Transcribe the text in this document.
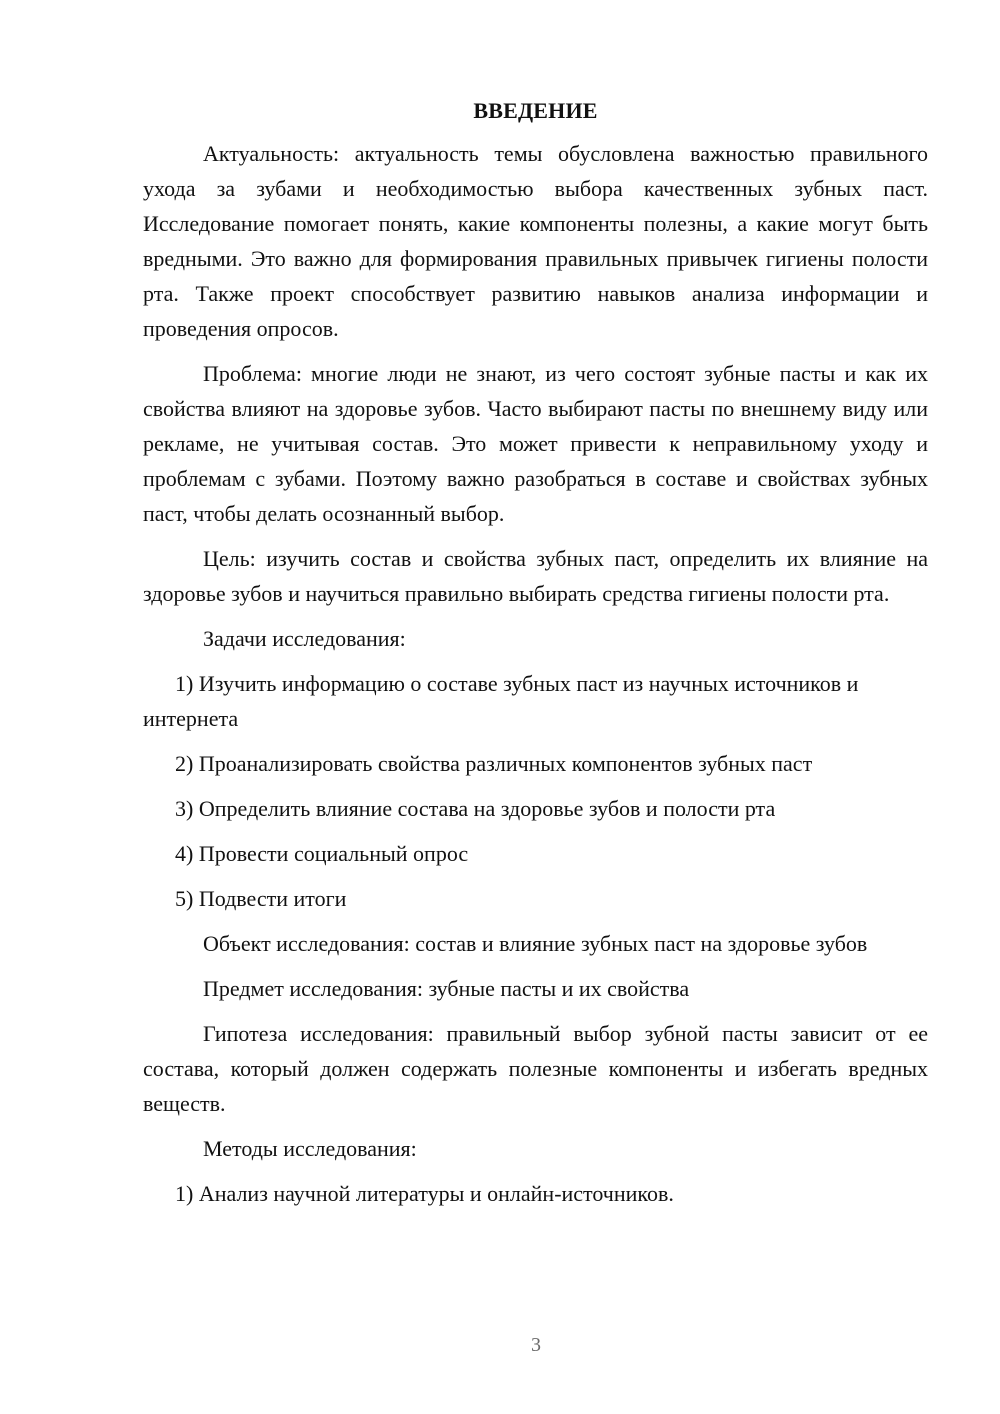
ВВЕДЕНИЕ

Актуальность: актуальность темы обусловлена важностью правильного ухода за зубами и необходимостью выбора качественных зубных паст. Исследование помогает понять, какие компоненты полезны, а какие могут быть вредными. Это важно для формирования правильных привычек гигиены полости рта. Также проект способствует развитию навыков анализа информации и проведения опросов.

Проблема: многие люди не знают, из чего состоят зубные пасты и как их свойства влияют на здоровье зубов. Часто выбирают пасты по внешнему виду или рекламе, не учитывая состав. Это может привести к неправильному уходу и проблемам с зубами. Поэтому важно разобраться в составе и свойствах зубных паст, чтобы делать осознанный выбор.

Цель: изучить состав и свойства зубных паст, определить их влияние на здоровье зубов и научиться правильно выбирать средства гигиены полости рта.

Задачи исследования:

1) Изучить информацию о составе зубных паст из научных источников и интернета

2) Проанализировать свойства различных компонентов зубных паст

3) Определить влияние состава на здоровье зубов и полости рта

4) Провести социальный опрос

5) Подвести итоги

Объект исследования: состав и влияние зубных паст на здоровье зубов

Предмет исследования: зубные пасты и их свойства

Гипотеза исследования: правильный выбор зубной пасты зависит от ее состава, который должен содержать полезные компоненты и избегать вредных веществ.

Методы исследования:

1) Анализ научной литературы и онлайн-источников.

3
